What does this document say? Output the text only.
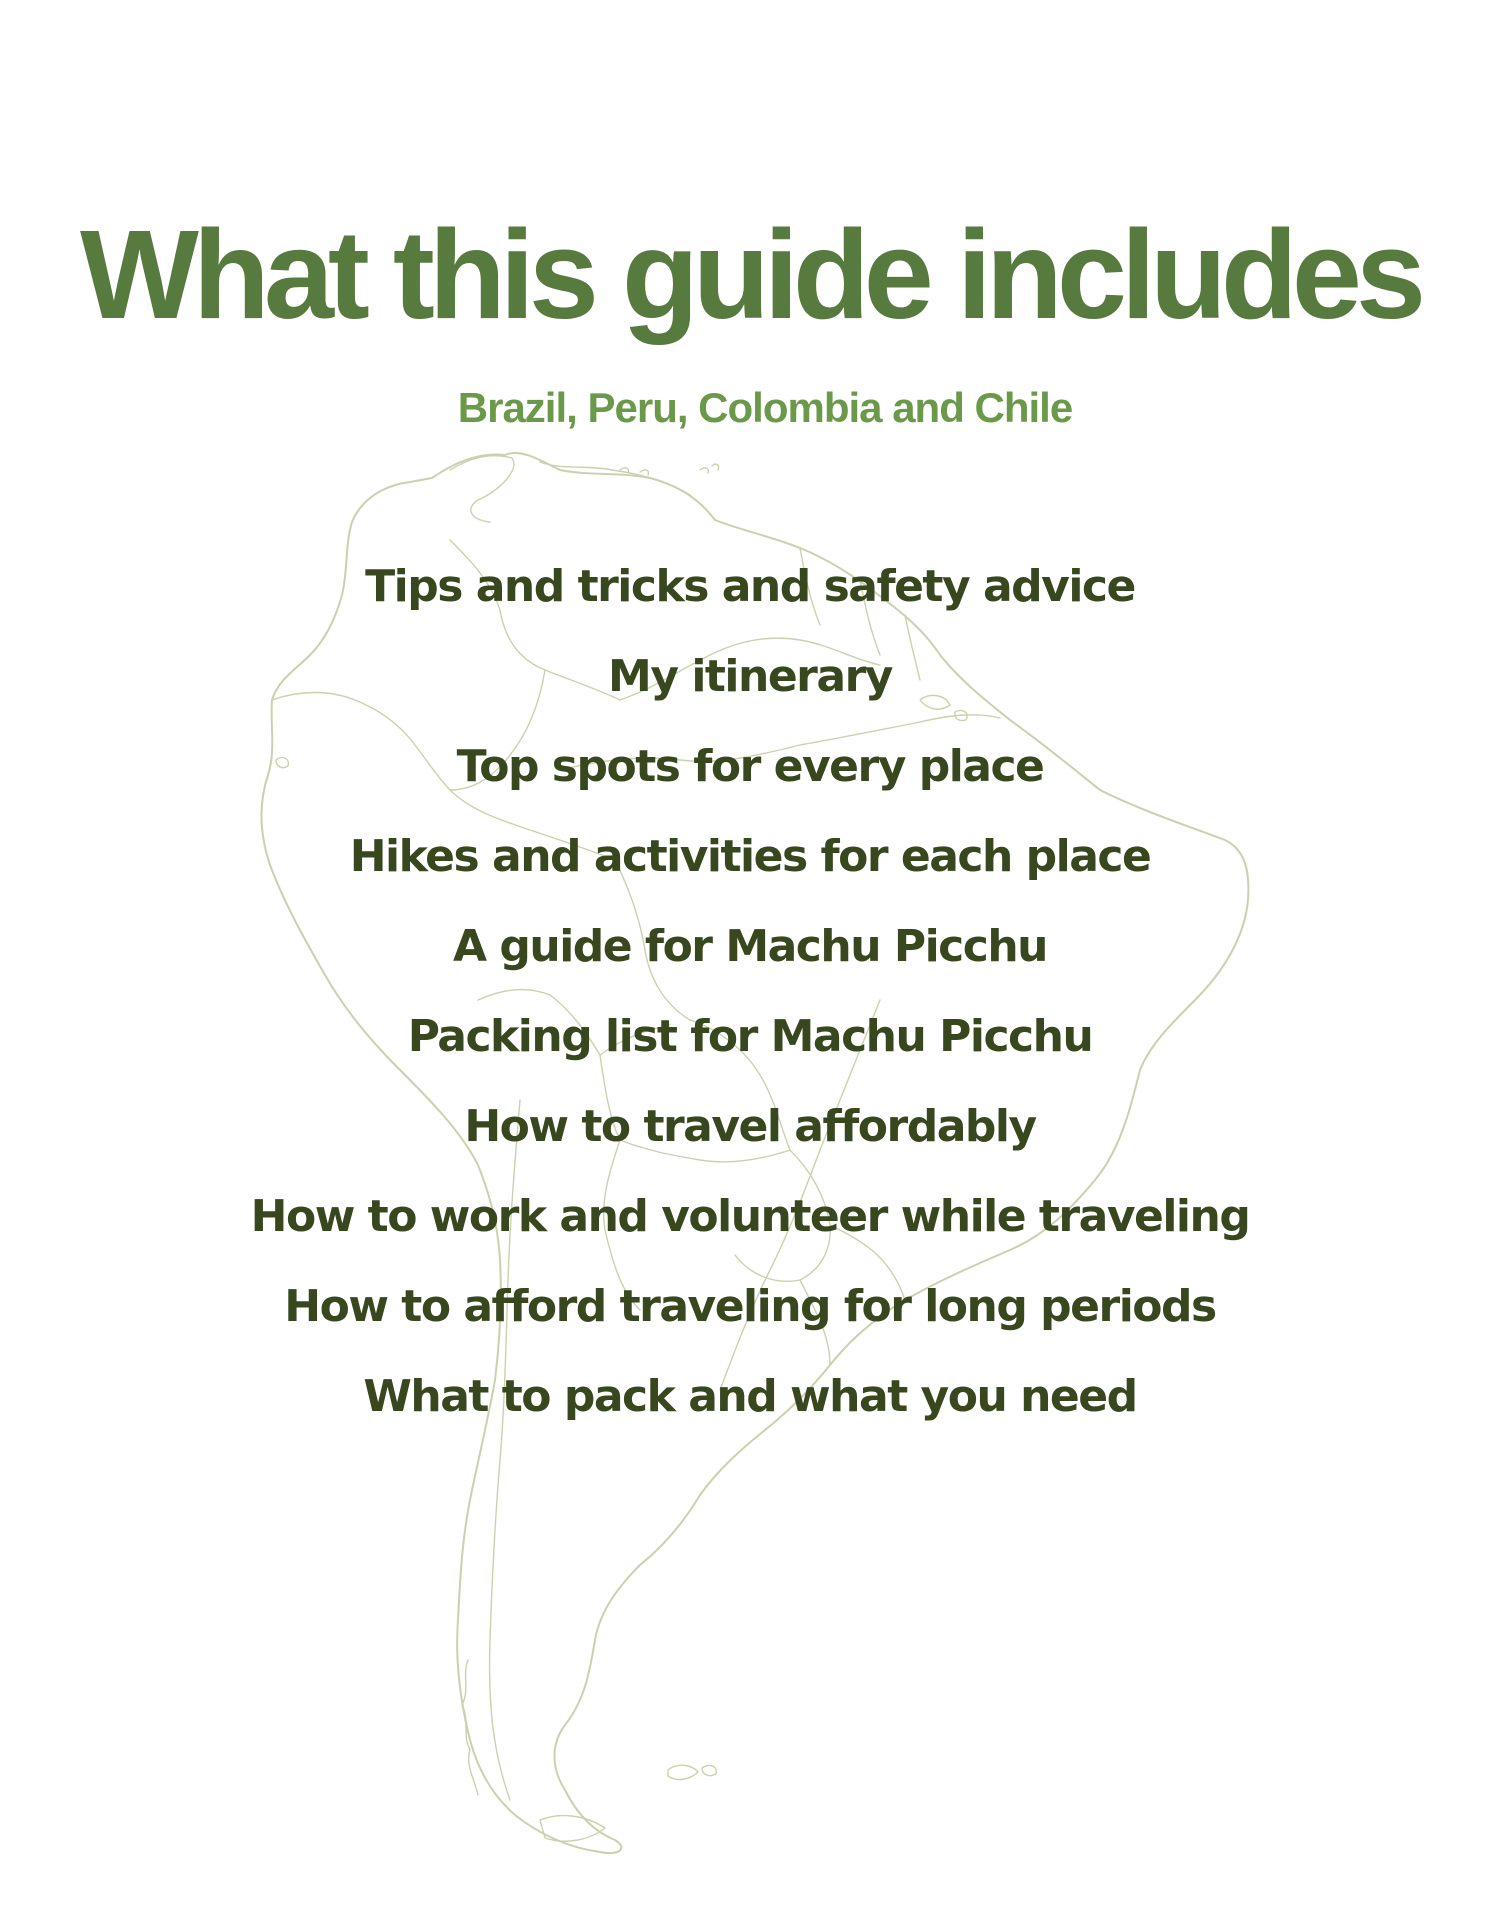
What this guide includes
Brazil, Peru, Colombia and Chile
Tips and tricks and safety advice
My itinerary
Top spots for every place
Hikes and activities for each place
A guide for Machu Picchu
Packing list for Machu Picchu
How to travel affordably
How to work and volunteer while traveling
How to afford traveling for long periods
What to pack and what you need
